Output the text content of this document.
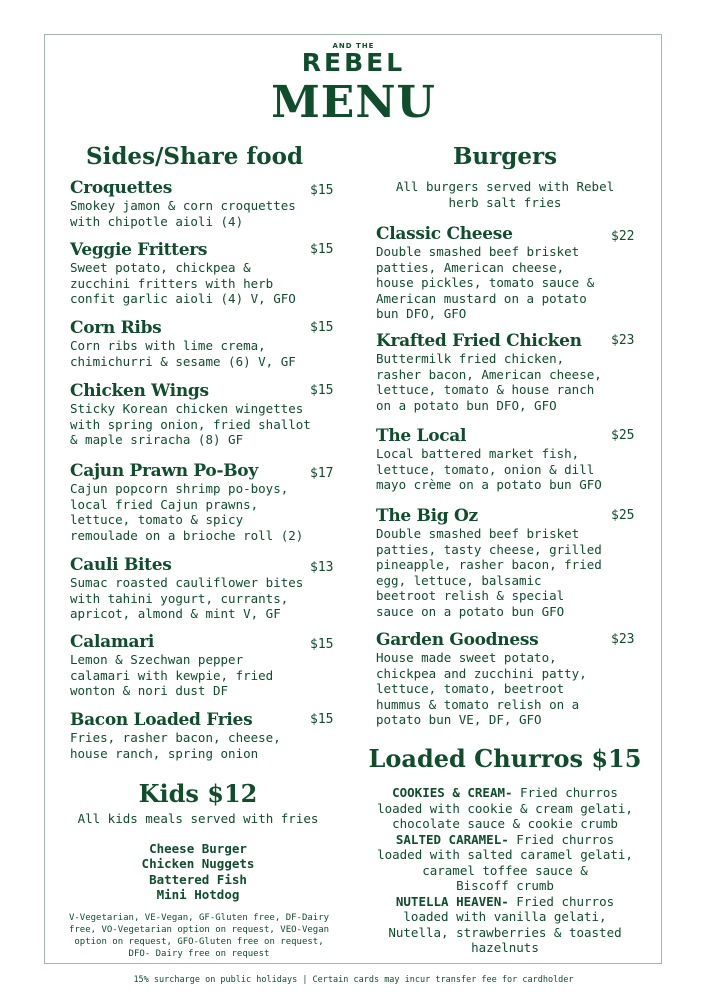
AND THE
REBEL
MENU
Sides/Share food
Croquettes	$15
Smokey jamon & corn croquettes
with chipotle aioli (4)
Veggie Fritters	$15
Sweet potato, chickpea &
zucchini fritters with herb
confit garlic aioli (4) V, GFO
Corn Ribs	$15
Corn ribs with lime crema,
chimichurri & sesame (6) V, GF
Chicken Wings	$15
Sticky Korean chicken wingettes
with spring onion, fried shallot
& maple sriracha (8) GF
Cajun Prawn Po-Boy	$17
Cajun popcorn shrimp po-boys,
local fried Cajun prawns,
lettuce, tomato & spicy
remoulade on a brioche roll (2)
Cauli Bites	$13
Sumac roasted cauliflower bites
with tahini yogurt, currants,
apricot, almond & mint V, GF
Calamari	$15
Lemon & Szechwan pepper
calamari with kewpie, fried
wonton & nori dust DF
Bacon Loaded Fries	$15
Fries, rasher bacon, cheese,
house ranch, spring onion
Kids $12
All kids meals served with fries
Cheese Burger
Chicken Nuggets
Battered Fish
Mini Hotdog
V-Vegetarian, VE-Vegan, GF-Gluten free, DF-Dairy
free, VO-Vegetarian option on request, VEO-Vegan
option on request, GFO-Gluten free on request,
DFO- Dairy free on request
Burgers
All burgers served with Rebel
herb salt fries
Classic Cheese	$22
Double smashed beef brisket
patties, American cheese,
house pickles, tomato sauce &
American mustard on a potato
bun DFO, GFO
Krafted Fried Chicken	$23
Buttermilk fried chicken,
rasher bacon, American cheese,
lettuce, tomato & house ranch
on a potato bun DFO, GFO
The Local	$25
Local battered market fish,
lettuce, tomato, onion & dill
mayo crème on a potato bun GFO
The Big Oz	$25
Double smashed beef brisket
patties, tasty cheese, grilled
pineapple, rasher bacon, fried
egg, lettuce, balsamic
beetroot relish & special
sauce on a potato bun GFO
Garden Goodness	$23
House made sweet potato,
chickpea and zucchini patty,
lettuce, tomato, beetroot
hummus & tomato relish on a
potato bun VE, DF, GFO
Loaded Churros $15
COOKIES & CREAM- Fried churros
loaded with cookie & cream gelati,
chocolate sauce & cookie crumb
SALTED CARAMEL- Fried churros
loaded with salted caramel gelati,
caramel toffee sauce &
Biscoff crumb
NUTELLA HEAVEN- Fried churros
loaded with vanilla gelati,
Nutella, strawberries & toasted
hazelnuts
15% surcharge on public holidays | Certain cards may incur transfer fee for cardholder
